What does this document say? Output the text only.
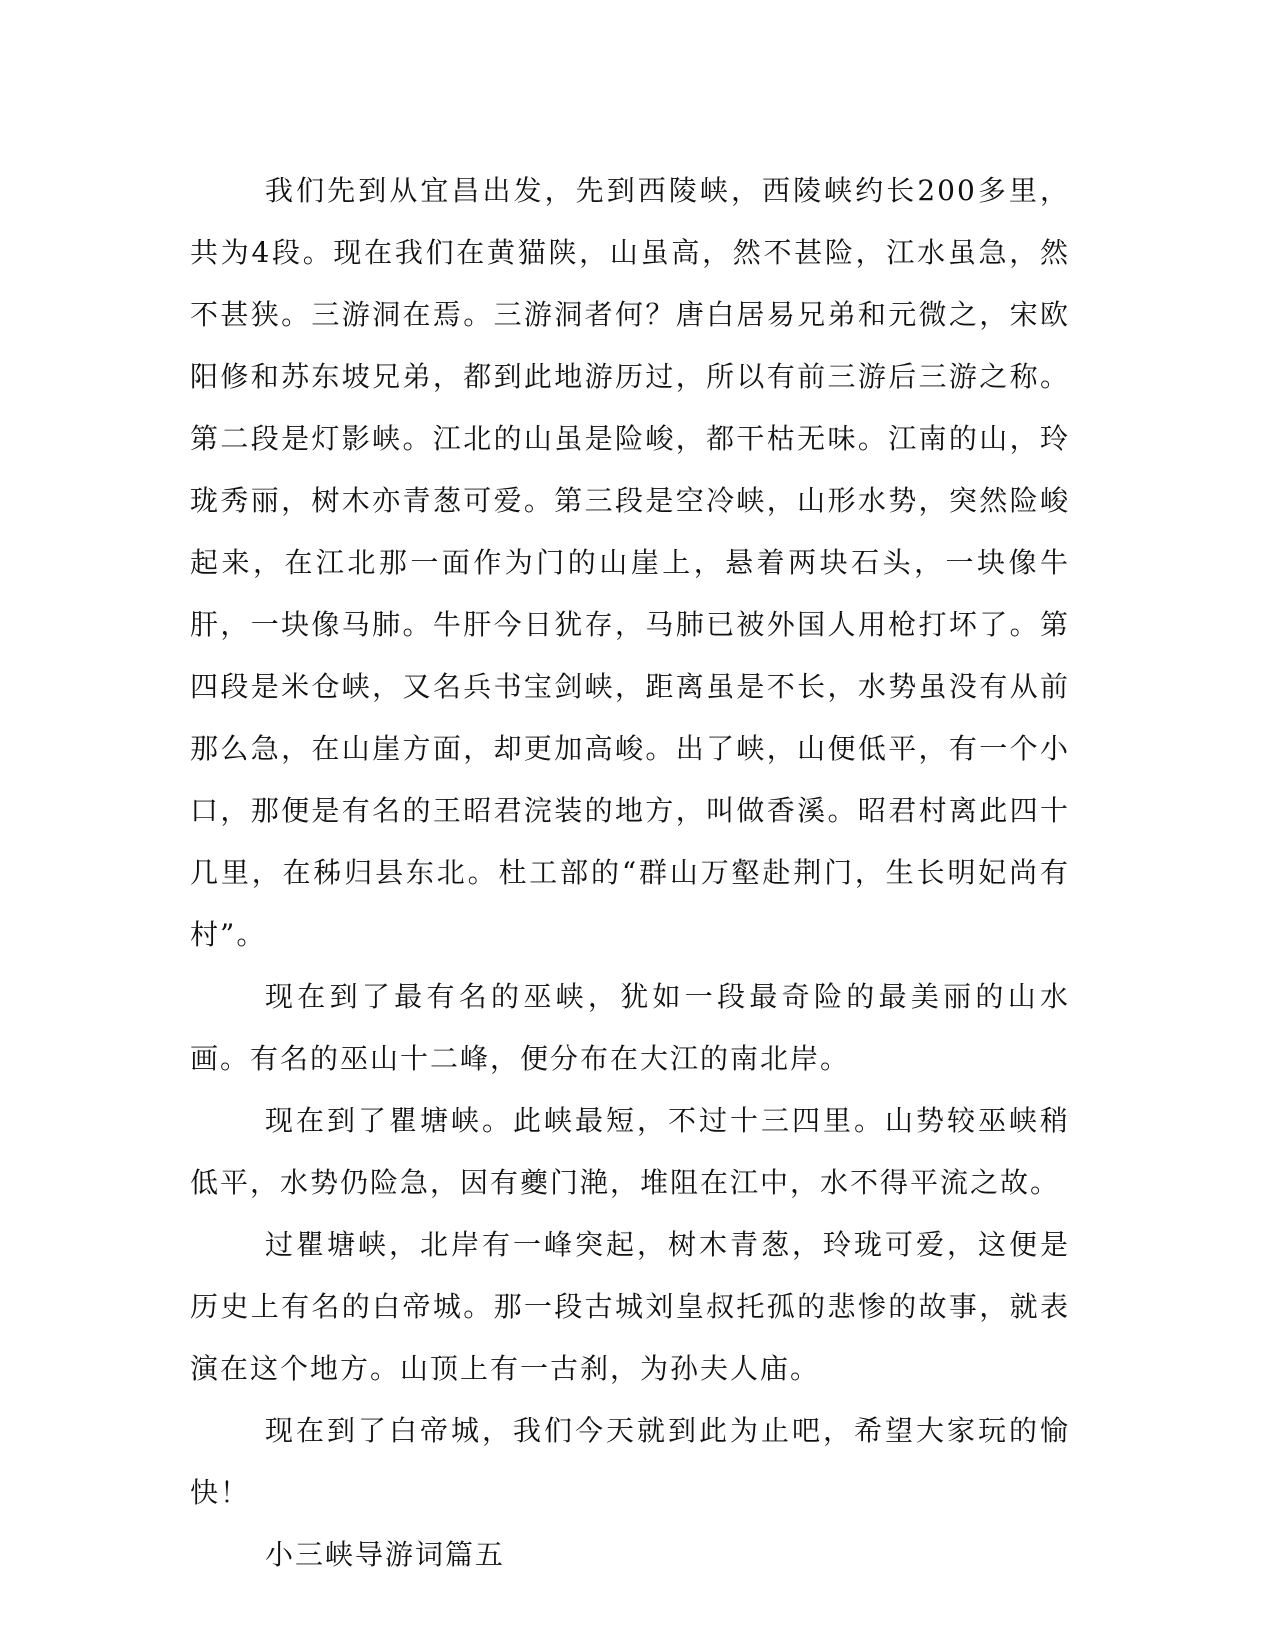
我们先到从宜昌出发，先到西陵峡，西陵峡约长200多里，共为4段。现在我们在黄猫陕，山虽高，然不甚险，江水虽急，然不甚狭。三游洞在焉。三游洞者何？唐白居易兄弟和元微之，宋欧阳修和苏东坡兄弟，都到此地游历过，所以有前三游后三游之称。第二段是灯影峡。江北的山虽是险峻，都干枯无味。江南的山，玲珑秀丽，树木亦青葱可爱。第三段是空冷峡，山形水势，突然险峻起来，在江北那一面作为门的山崖上，悬着两块石头，一块像牛肝，一块像马肺。牛肝今日犹存，马肺已被外国人用枪打坏了。第四段是米仓峡，又名兵书宝剑峡，距离虽是不长，水势虽没有从前那么急，在山崖方面，却更加高峻。出了峡，山便低平，有一个小口，那便是有名的王昭君浣装的地方，叫做香溪。昭君村离此四十几里，在秭归县东北。杜工部的“群山万壑赴荆门，生长明妃尚有村”。

现在到了最有名的巫峡，犹如一段最奇险的最美丽的山水画。有名的巫山十二峰，便分布在大江的南北岸。

现在到了瞿塘峡。此峡最短，不过十三四里。山势较巫峡稍低平，水势仍险急，因有夔门滟，堆阻在江中，水不得平流之故。

过瞿塘峡，北岸有一峰突起，树木青葱，玲珑可爱，这便是历史上有名的白帝城。那一段古城刘皇叔托孤的悲惨的故事，就表演在这个地方。山顶上有一古刹，为孙夫人庙。

现在到了白帝城，我们今天就到此为止吧，希望大家玩的愉快！

小三峡导游词篇五
